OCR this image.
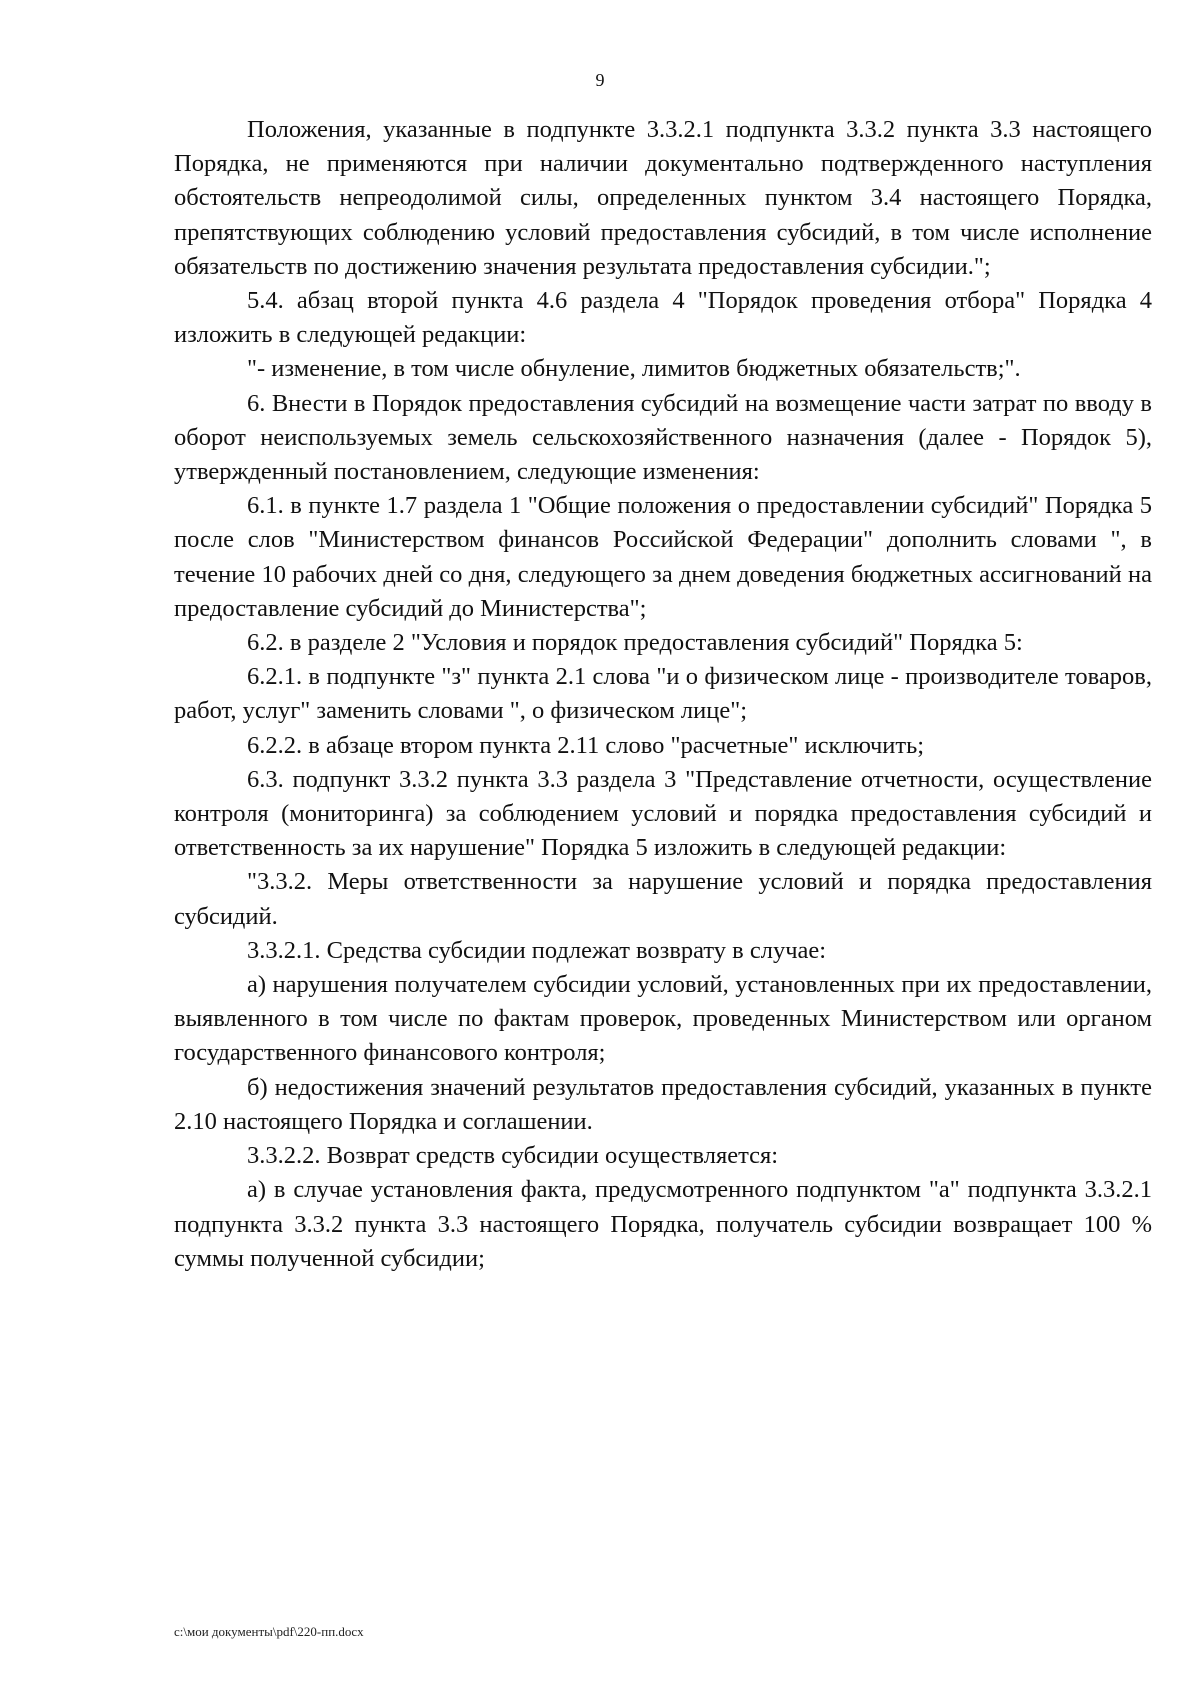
9

Положения, указанные в подпункте 3.3.2.1 подпункта 3.3.2 пункта 3.3 настоящего Порядка, не применяются при наличии документально подтвержденного наступления обстоятельств непреодолимой силы, определенных пунктом 3.4 настоящего Порядка, препятствующих соблюдению условий предоставления субсидий, в том числе исполнение обязательств по достижению значения результата предоставления субсидии.";

5.4. абзац второй пункта 4.6 раздела 4 "Порядок проведения отбора" Порядка 4 изложить в следующей редакции:

"- изменение, в том числе обнуление, лимитов бюджетных обязательств;".

6. Внести в Порядок предоставления субсидий на возмещение части затрат по вводу в оборот неиспользуемых земель сельскохозяйственного назначения (далее - Порядок 5), утвержденный постановлением, следующие изменения:

6.1. в пункте 1.7 раздела 1 "Общие положения о предоставлении субсидий" Порядка 5 после слов "Министерством финансов Российской Федерации" дополнить словами ", в течение 10 рабочих дней со дня, следующего за днем доведения бюджетных ассигнований на предоставление субсидий до Министерства";

6.2. в разделе 2 "Условия и порядок предоставления субсидий" Порядка 5:

6.2.1. в подпункте "з" пункта 2.1 слова "и о физическом лице - производителе товаров, работ, услуг" заменить словами ", о физическом лице";

6.2.2. в абзаце втором пункта 2.11 слово "расчетные" исключить;

6.3. подпункт 3.3.2 пункта 3.3 раздела 3 "Представление отчетности, осуществление контроля (мониторинга) за соблюдением условий и порядка предоставления субсидий и ответственность за их нарушение" Порядка 5 изложить в следующей редакции:

"3.3.2. Меры ответственности за нарушение условий и порядка предоставления субсидий.

3.3.2.1. Средства субсидии подлежат возврату в случае:

а) нарушения получателем субсидии условий, установленных при их предоставлении, выявленного в том числе по фактам проверок, проведенных Министерством или органом государственного финансового контроля;

б) недостижения значений результатов предоставления субсидий, указанных в пункте 2.10 настоящего Порядка и соглашении.

3.3.2.2. Возврат средств субсидии осуществляется:

а) в случае установления факта, предусмотренного подпунктом "а" подпункта 3.3.2.1 подпункта 3.3.2 пункта 3.3 настоящего Порядка, получатель субсидии возвращает 100 % суммы полученной субсидии;

c:\мои документы\pdf\220-пп.docx
